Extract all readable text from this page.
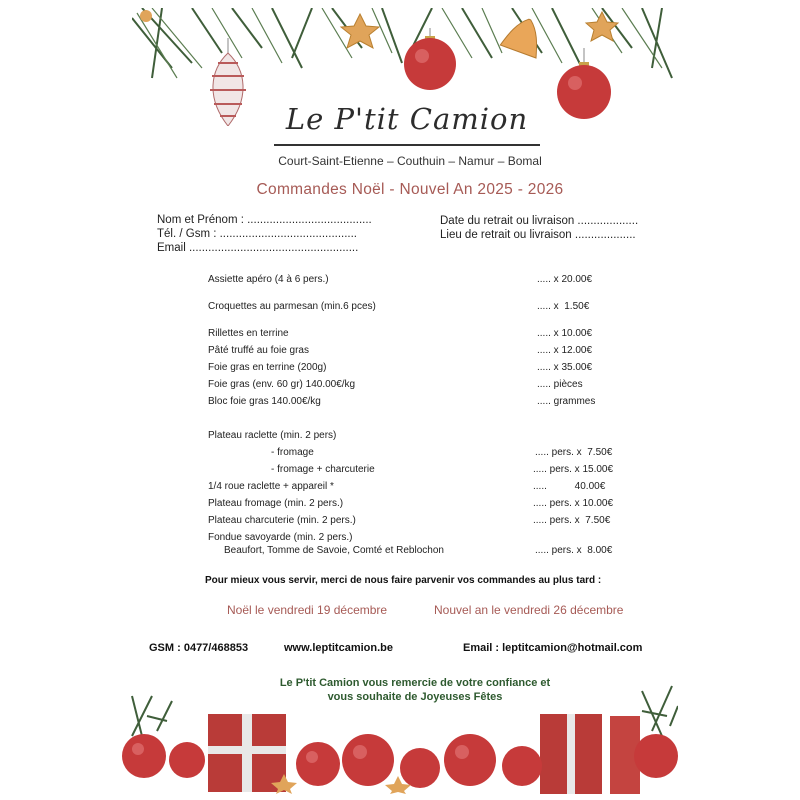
Le P'tit Camion
Court-Saint-Etienne – Couthuin – Namur – Bomal
Commandes Noël - Nouvel An 2025 - 2026
Nom et Prénom : .......................................
Tél. / Gsm : ...........................................
Email .....................................................
Date du retrait ou livraison ...................
Lieu de retrait ou livraison ...................
Assiette apéro (4 à 6 pers.)	..... x 20.00€
Croquettes au parmesan (min.6 pces)	..... x  1.50€
Rillettes en terrine	..... x 10.00€
Pâté truffé au foie gras	..... x 12.00€
Foie gras en terrine (200g)	..... x 35.00€
Foie gras (env. 60 gr) 140.00€/kg	..... pièces
Bloc foie gras 140.00€/kg	..... grammes
Plateau raclette (min. 2 pers)
- fromage	..... pers. x  7.50€
- fromage + charcuterie	..... pers. x 15.00€
1/4 roue raclette + appareil *	.....          40.00€
Plateau fromage (min. 2 pers.)	..... pers. x 10.00€
Plateau charcuterie (min. 2 pers.)	..... pers. x  7.50€
Fondue savoyarde (min. 2 pers.)
Beaufort, Tomme de Savoie, Comté et Reblochon	..... pers. x  8.00€
Pour mieux vous servir, merci de nous faire parvenir vos commandes au plus tard :
Noël le vendredi 19 décembre	Nouvel an le vendredi 26 décembre
GSM : 0477/468853	www.leptitcamion.be	Email : leptitcamion@hotmail.com
Le P'tit Camion vous remercie de votre confiance et
vous souhaite de Joyeuses Fêtes
